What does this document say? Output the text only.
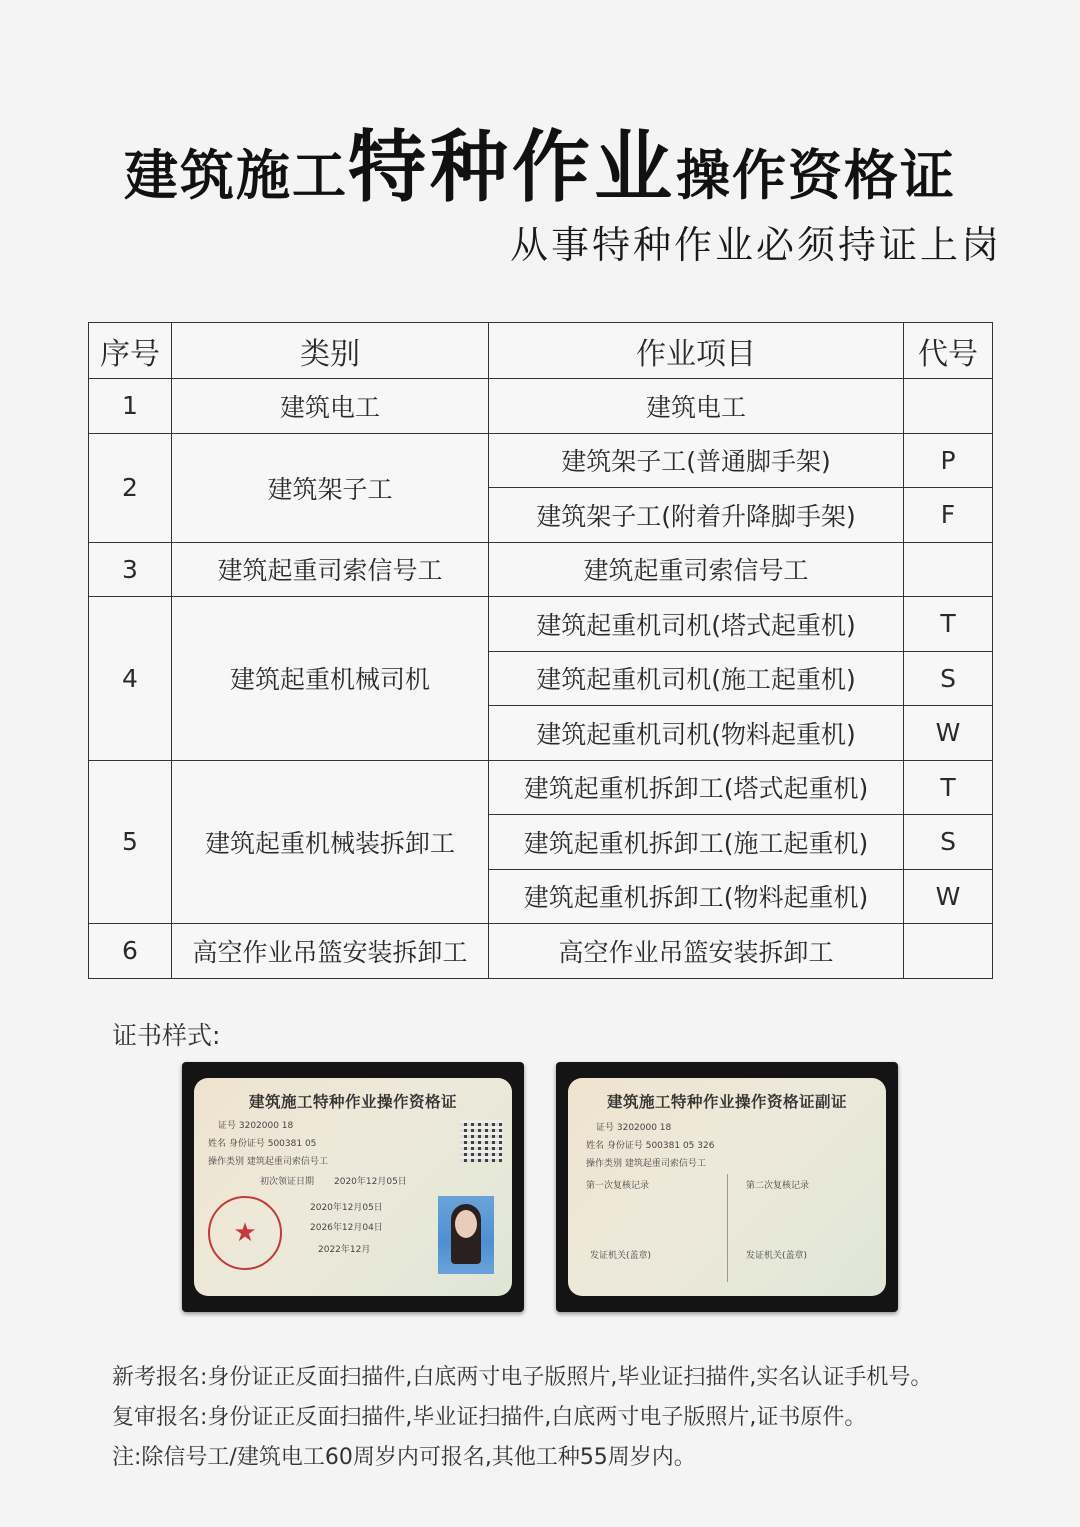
建筑施工特种作业操作资格证
从事特种作业必须持证上岗
序号	类别	作业项目	代号
1	建筑电工	建筑电工	
2	建筑架子工	建筑架子工(普通脚手架)	P
		建筑架子工(附着升降脚手架)	F
3	建筑起重司索信号工	建筑起重司索信号工	
4	建筑起重机械司机	建筑起重机司机(塔式起重机)	T
		建筑起重机司机(施工起重机)	S
		建筑起重机司机(物料起重机)	W
5	建筑起重机械装拆卸工	建筑起重机拆卸工(塔式起重机)	T
		建筑起重机拆卸工(施工起重机)	S
		建筑起重机拆卸工(物料起重机)	W
6	高空作业吊篮安装拆卸工	高空作业吊篮安装拆卸工	
证书样式:
建筑施工特种作业操作资格证
证号 3202000 18
姓名 身份证号 500381 05
操作类别 建筑起重司索信号工
初次领证日期 2020年12月05日
★
2020年12月05日
2026年12月04日
2022年12月
建筑施工特种作业操作资格证副证
证号 3202000 18
姓名 身份证号 500381 05 326
操作类别 建筑起重司索信号工
第一次复核记录	第二次复核记录
发证机关(盖章)	发证机关(盖章)
新考报名:身份证正反面扫描件,白底两寸电子版照片,毕业证扫描件,实名认证手机号。
复审报名:身份证正反面扫描件,毕业证扫描件,白底两寸电子版照片,证书原件。
注:除信号工/建筑电工60周岁内可报名,其他工种55周岁内。
